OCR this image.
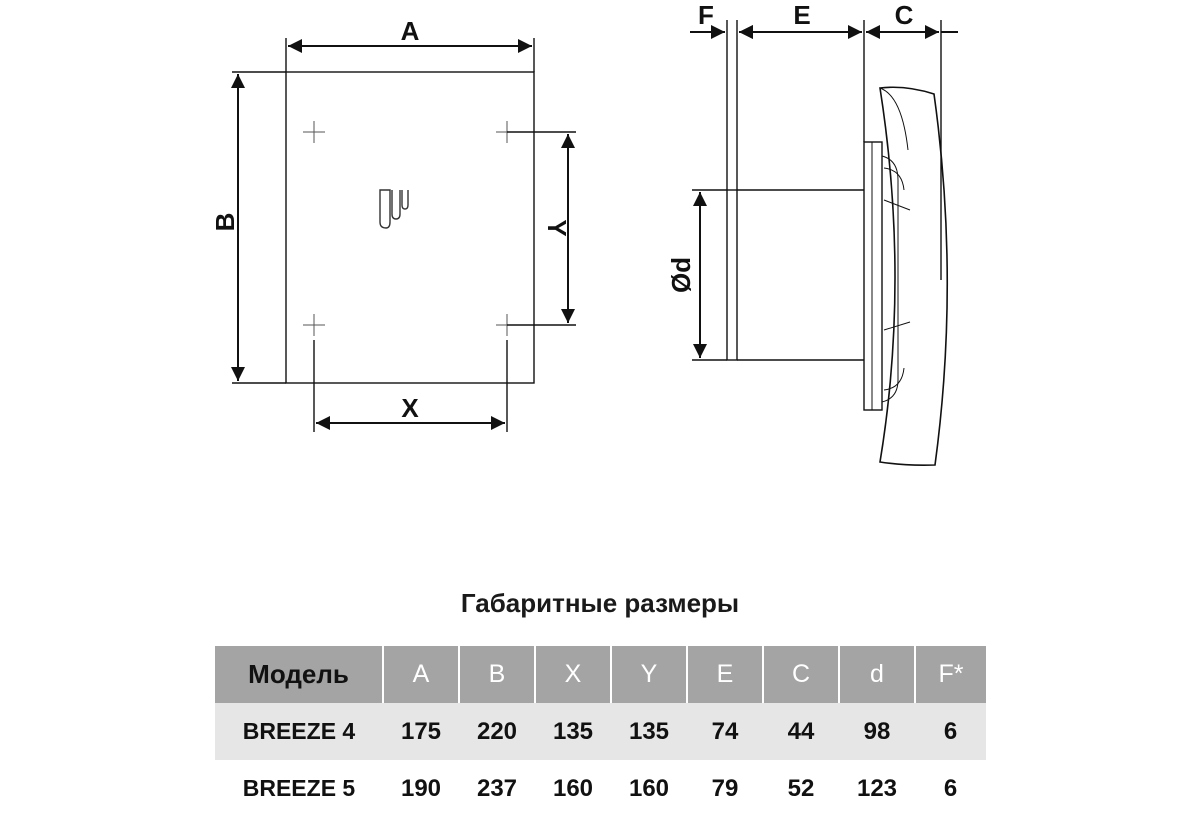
A
B	Y
X
F	E	C
Ød
Габаритные размеры
Модель	A	B	X	Y	E	C	d	F*
BREEZE 4	175	220	135	135	74	44	98	6
BREEZE 5	190	237	160	160	79	52	123	6
